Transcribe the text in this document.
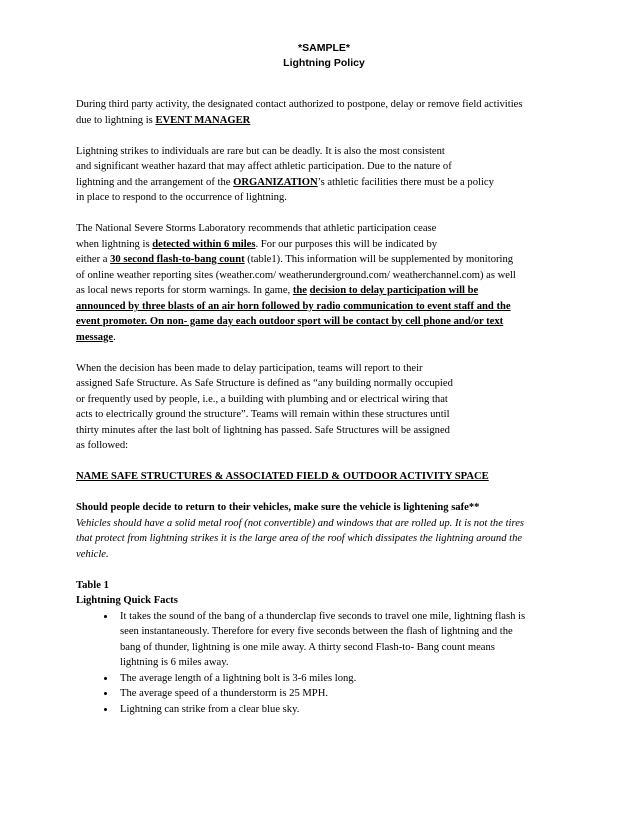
*SAMPLE*
Lightning Policy
During third party activity, the designated contact authorized to postpone, delay or remove field activities
due to lightning is EVENT MANAGER
Lightning strikes to individuals are rare but can be deadly. It is also the most consistent
and significant weather hazard that may affect athletic participation. Due to the nature of
lightning and the arrangement of the ORGANIZATION’s athletic facilities there must be a policy
in place to respond to the occurrence of lightning.
The National Severe Storms Laboratory recommends that athletic participation cease
when lightning is detected within 6 miles. For our purposes this will be indicated by
either a 30 second flash-to-bang count (table1). This information will be supplemented by monitoring
of online weather reporting sites (weather.com/ weatherunderground.com/ weatherchannel.com) as well
as local news reports for storm warnings. In game, the decision to delay participation will be
announced by three blasts of an air horn followed by radio communication to event staff and the
event promoter. On non- game day each outdoor sport will be contact by cell phone and/or text
message.
When the decision has been made to delay participation, teams will report to their
assigned Safe Structure. As Safe Structure is defined as “any building normally occupied
or frequently used by people, i.e., a building with plumbing and or electrical wiring that
acts to electrically ground the structure”. Teams will remain within these structures until
thirty minutes after the last bolt of lightning has passed. Safe Structures will be assigned
as followed:
NAME SAFE STRUCTURES & ASSOCIATED FIELD & OUTDOOR ACTIVITY SPACE
Should people decide to return to their vehicles, make sure the vehicle is lightening safe**
Vehicles should have a solid metal roof (not convertible) and windows that are rolled up. It is not the tires
that protect from lightning strikes it is the large area of the roof which dissipates the lightning around the
vehicle.
Table 1
Lightning Quick Facts
• It takes the sound of the bang of a thunderclap five seconds to travel one mile, lightning flash is
seen instantaneously. Therefore for every five seconds between the flash of lightning and the
bang of thunder, lightning is one mile away. A thirty second Flash-to- Bang count means
lightning is 6 miles away.
• The average length of a lightning bolt is 3-6 miles long.
• The average speed of a thunderstorm is 25 MPH.
• Lightning can strike from a clear blue sky.
